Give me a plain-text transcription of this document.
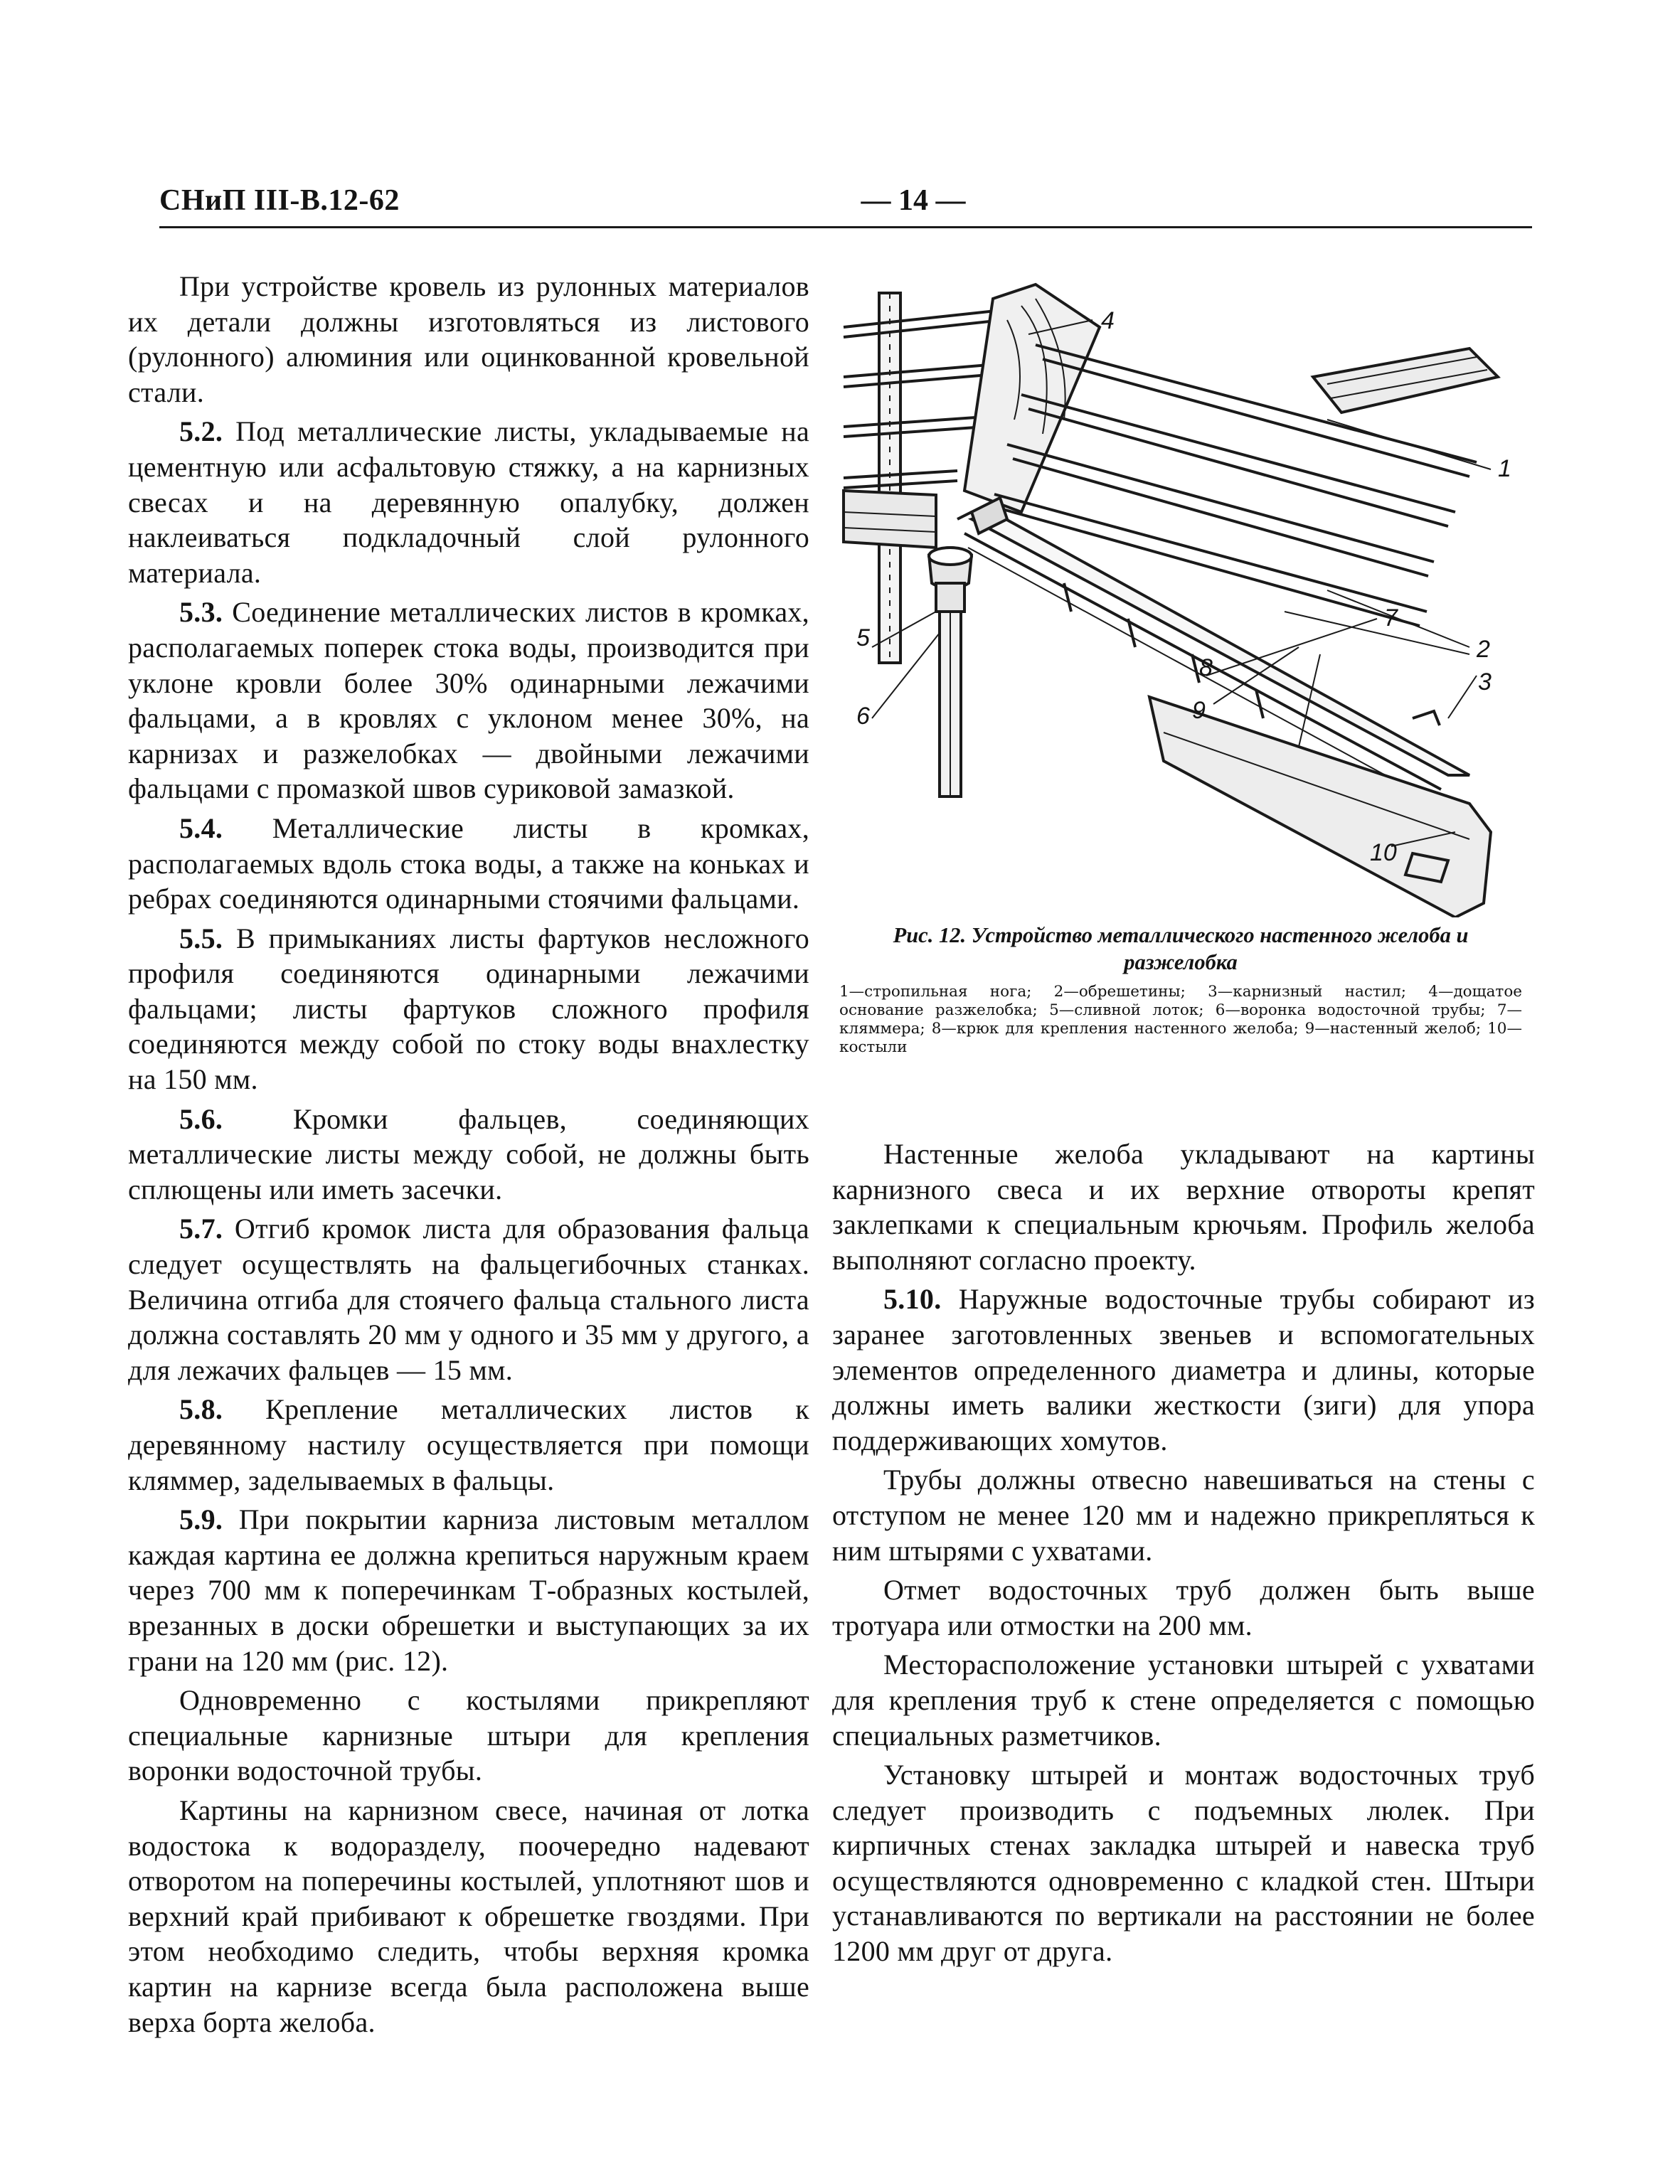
СНиП III-В.12-62	— 14 —

При устройстве кровель из рулонных материалов их детали должны изготовляться из листового (рулонного) алюминия или оцинкованной кровельной стали.

5.2. Под металлические листы, укладываемые на цементную или асфальтовую стяжку, а на карнизных свесах и на деревянную опалубку, должен наклеиваться подкладочный слой рулонного материала.

5.3. Соединение металлических листов в кромках, располагаемых поперек стока воды, производится при уклоне кровли более 30% одинарными лежачими фальцами, а в кровлях с уклоном менее 30%, на карнизах и разжелобках — двойными лежачими фальцами с промазкой швов суриковой замазкой.

5.4. Металлические листы в кромках, располагаемых вдоль стока воды, а также на коньках и ребрах соединяются одинарными стоячими фальцами.

5.5. В примыканиях листы фартуков несложного профиля соединяются одинарными лежачими фальцами; листы фартуков сложного профиля соединяются между собой по стоку воды внахлестку на 150 мм.

5.6. Кромки фальцев, соединяющих металлические листы между собой, не должны быть сплющены или иметь засечки.

5.7. Отгиб кромок листа для образования фальца следует осуществлять на фальцегибочных станках. Величина отгиба для стоячего фальца стального листа должна составлять 20 мм у одного и 35 мм у другого, а для лежачих фальцев — 15 мм.

5.8. Крепление металлических листов к деревянному настилу осуществляется при помощи кляммер, заделываемых в фальцы.

5.9. При покрытии карниза листовым металлом каждая картина ее должна крепиться наружным краем через 700 мм к поперечинкам Т-образных костылей, врезанных в доски обрешетки и выступающих за их грани на 120 мм (рис. 12).

Одновременно с костылями прикрепляют специальные карнизные штыри для крепления воронки водосточной трубы.

Картины на карнизном свесе, начиная от лотка водостока к водоразделу, поочередно надевают отворотом на поперечины костылей, уплотняют шов и верхний край прибивают к обрешетке гвоздями. При этом необходимо следить, чтобы верхняя кромка картин на карнизе всегда была расположена выше верха борта желоба.

4
1
2
3
5
6
7
8
9
10

Рис. 12. Устройство металлического настенного желоба и разжелобка

1—стропильная нога; 2—обрешетины; 3—карнизный настил; 4—дощатое основание разжелобка; 5—сливной лоток; 6—воронка водосточной трубы; 7—кляммера; 8—крюк для крепления настенного желоба; 9—настенный желоб; 10—костыли

Настенные желоба укладывают на картины карнизного свеса и их верхние отвороты крепят заклепками к специальным крючьям. Профиль желоба выполняют согласно проекту.

5.10. Наружные водосточные трубы собирают из заранее заготовленных звеньев и вспомогательных элементов определенного диаметра и длины, которые должны иметь валики жесткости (зиги) для упора поддерживающих хомутов.

Трубы должны отвесно навешиваться на стены с отступом не менее 120 мм и надежно прикрепляться к ним штырями с ухватами.

Отмет водосточных труб должен быть выше тротуара или отмостки на 200 мм.

Месторасположение установки штырей с ухватами для крепления труб к стене определяется с помощью специальных разметчиков.

Установку штырей и монтаж водосточных труб следует производить с подъемных люлек. При кирпичных стенах закладка штырей и навеска труб осуществляются одновременно с кладкой стен. Штыри устанавливаются по вертикали на расстоянии не более 1200 мм друг от друга.
